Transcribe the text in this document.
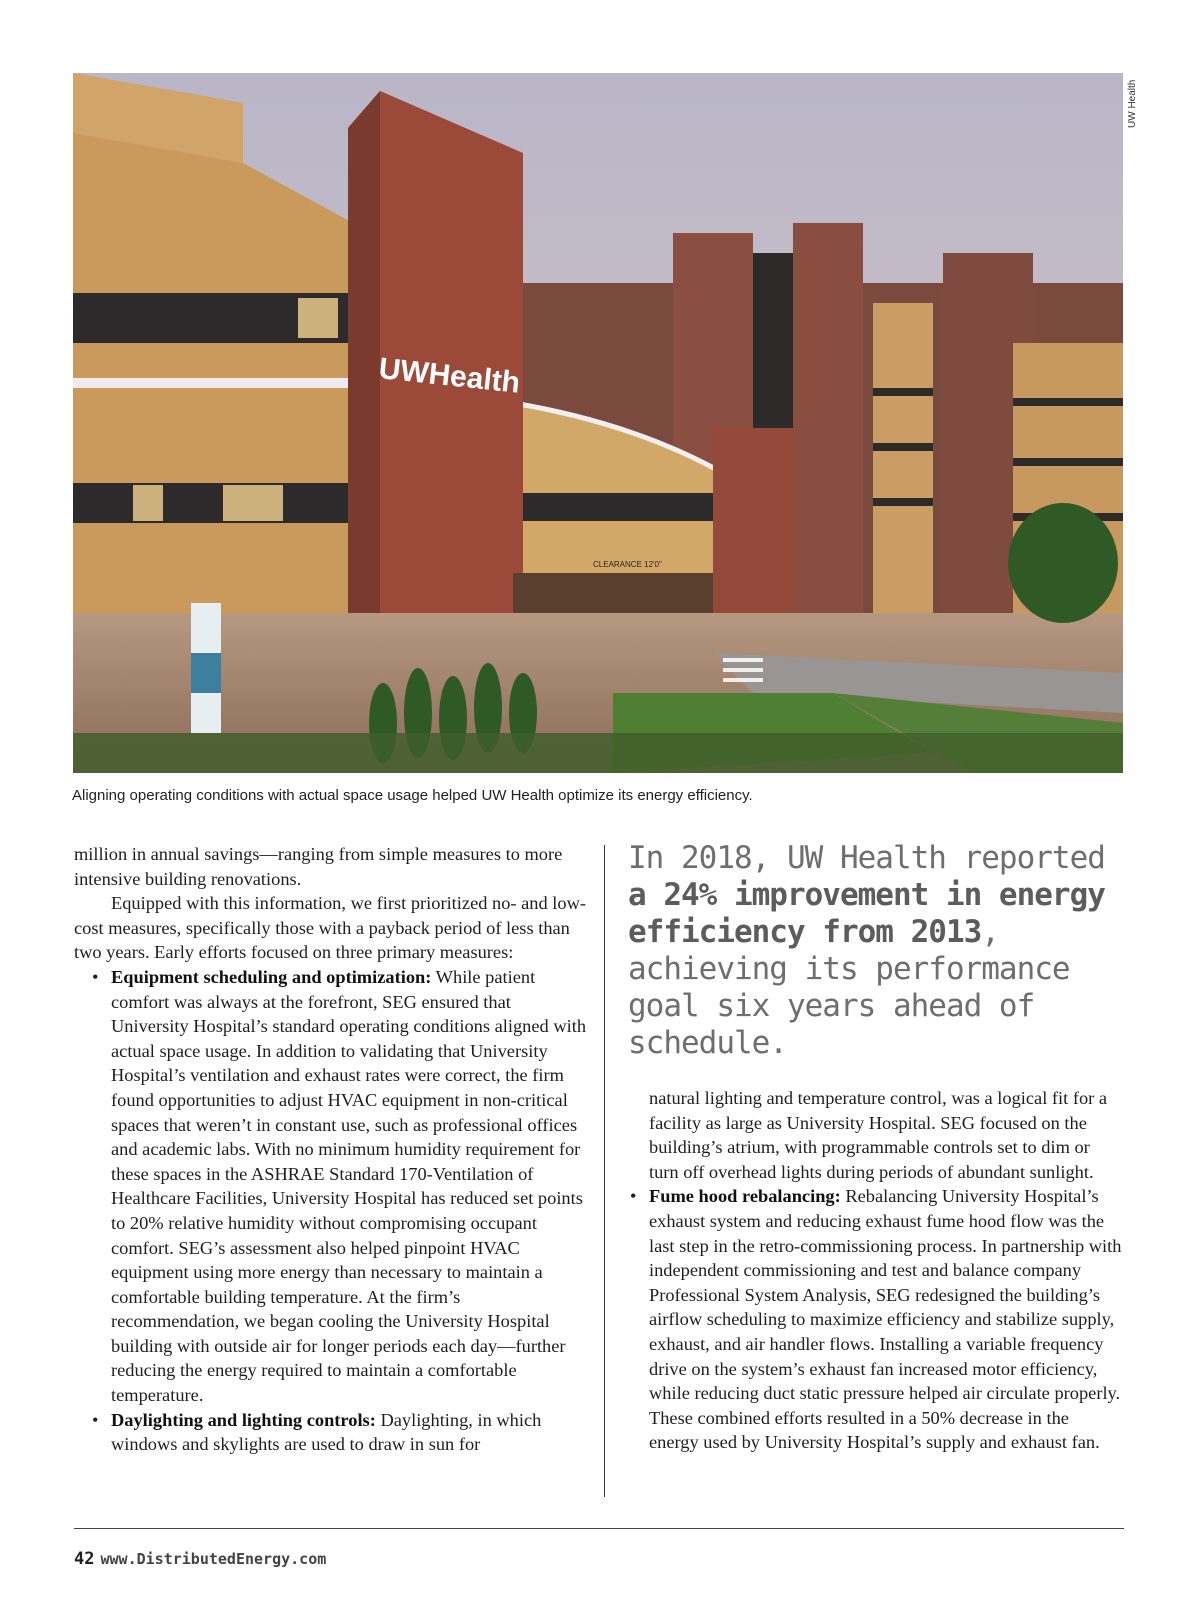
UWHealth
CLEARANCE 12'0"
UW Health
Aligning operating conditions with actual space usage helped UW Health optimize its energy efficiency.

million in annual savings—ranging from simple measures to more intensive building renovations.

Equipped with this information, we first prioritized no- and low-cost measures, specifically those with a payback period of less than two years. Early efforts focused on three primary measures:

• Equipment scheduling and optimization: While patient comfort was always at the forefront, SEG ensured that University Hospital’s standard operating conditions aligned with actual space usage. In addition to validating that University Hospital’s ventilation and exhaust rates were correct, the firm found opportunities to adjust HVAC equipment in non-critical spaces that weren’t in constant use, such as professional offices and academic labs. With no minimum humidity requirement for these spaces in the ASHRAE Standard 170-Ventilation of Healthcare Facilities, University Hospital has reduced set points to 20% relative humidity without compromising occupant comfort. SEG’s assessment also helped pinpoint HVAC equipment using more energy than necessary to maintain a comfortable building temperature. At the firm’s recommendation, we began cooling the University Hospital building with outside air for longer periods each day—further reducing the energy required to maintain a comfortable temperature.
• Daylighting and lighting controls: Daylighting, in which windows and skylights are used to draw in sun for
In 2018, UW Health reported a 24% improvement in energy efficiency from 2013, achieving its performance goal six years ahead of schedule.

natural lighting and temperature control, was a logical fit for a facility as large as University Hospital. SEG focused on the building’s atrium, with programmable controls set to dim or turn off overhead lights during periods of abundant sunlight.

• Fume hood rebalancing: Rebalancing University Hospital’s exhaust system and reducing exhaust fume hood flow was the last step in the retro-commissioning process. In partnership with independent commissioning and test and balance company Professional System Analysis, SEG redesigned the building’s airflow scheduling to maximize efficiency and stabilize supply, exhaust, and air handler flows. Installing a variable frequency drive on the system’s exhaust fan increased motor efficiency, while reducing duct static pressure helped air circulate properly. These combined efforts resulted in a 50% decrease in the energy used by University Hospital’s supply and exhaust fan.
42 www.DistributedEnergy.com
